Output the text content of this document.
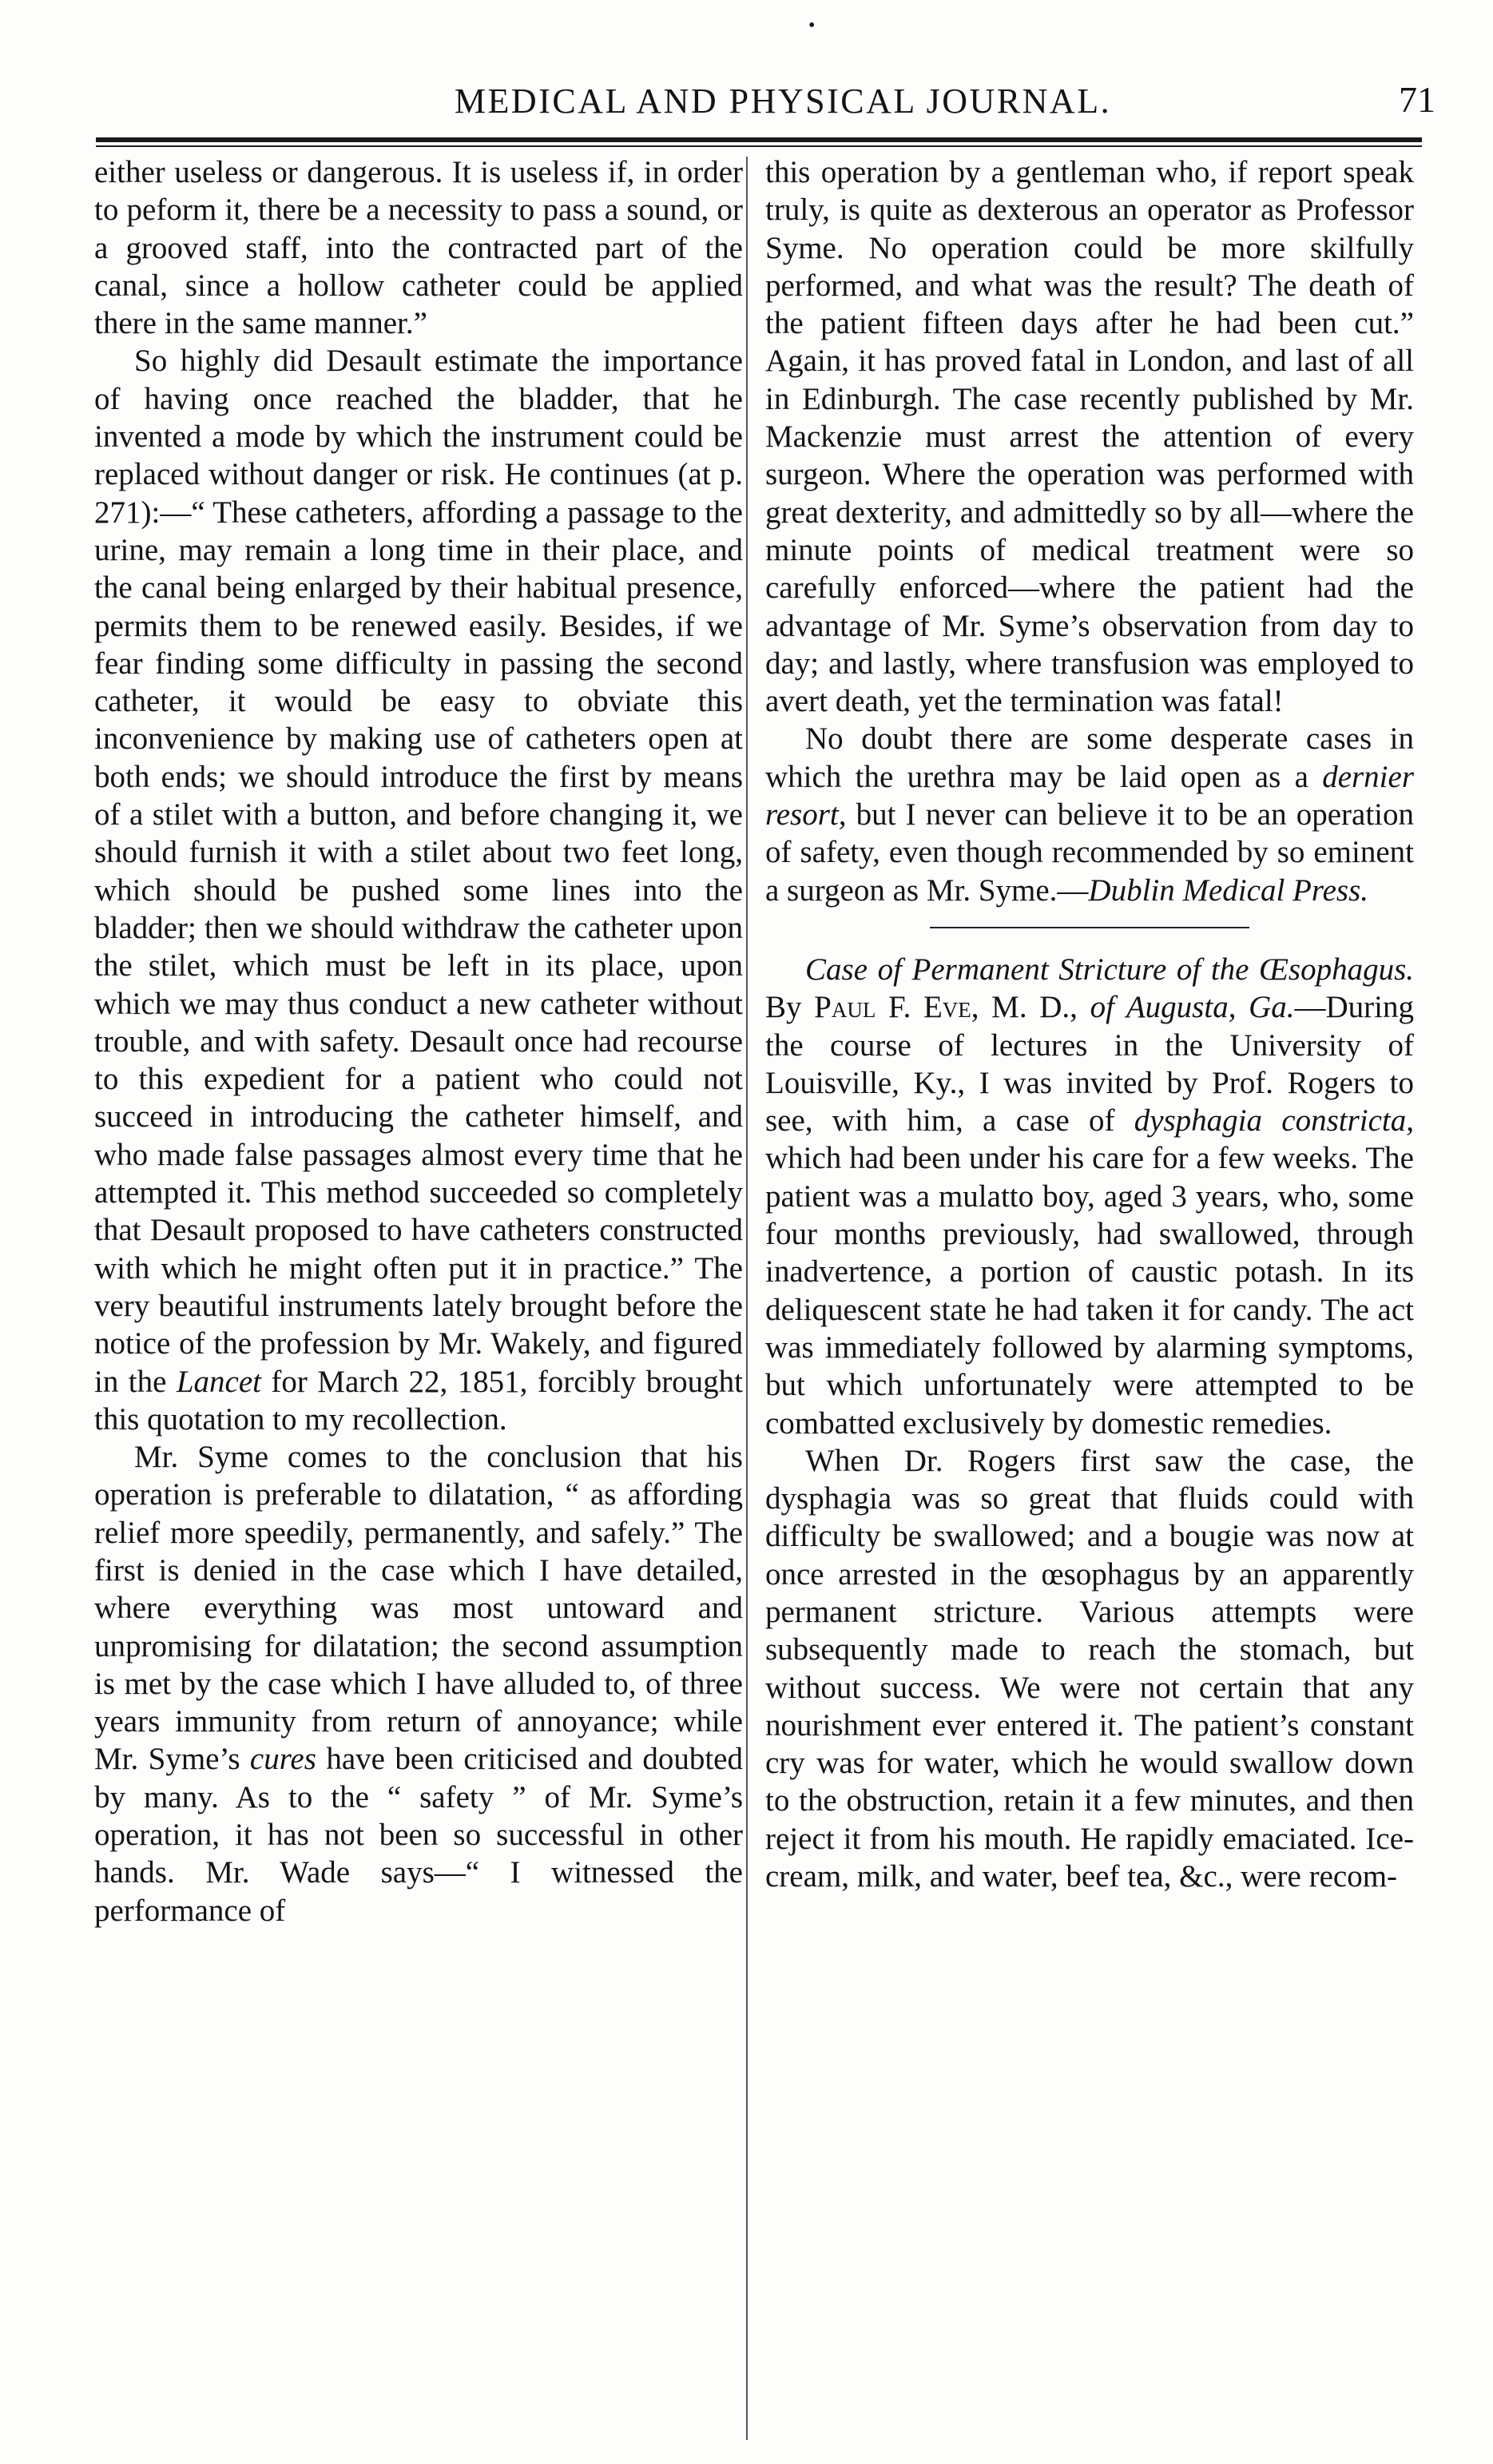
•
MEDICAL AND PHYSICAL JOURNAL.	71

either useless or dangerous. It is useless if, in order to peform it, there be a necessity to pass a sound, or a grooved staff, into the contracted part of the canal, since a hollow catheter could be applied there in the same manner.”

So highly did Desault estimate the importance of having once reached the bladder, that he invented a mode by which the instrument could be replaced without danger or risk. He continues (at p. 271):—“ These catheters, affording a passage to the urine, may remain a long time in their place, and the canal being enlarged by their habitual presence, permits them to be renewed easily. Besides, if we fear finding some difficulty in passing the second catheter, it would be easy to obviate this inconvenience by making use of catheters open at both ends; we should introduce the first by means of a stilet with a button, and before changing it, we should furnish it with a stilet about two feet long, which should be pushed some lines into the bladder; then we should withdraw the catheter upon the stilet, which must be left in its place, upon which we may thus conduct a new catheter without trouble, and with safety. Desault once had recourse to this expedient for a patient who could not succeed in introducing the catheter himself, and who made false passages almost every time that he attempted it. This method succeeded so completely that Desault proposed to have catheters constructed with which he might often put it in practice.” The very beautiful instruments lately brought before the notice of the profession by Mr. Wakely, and figured in the Lancet for March 22, 1851, forcibly brought this quotation to my recollection.

Mr. Syme comes to the conclusion that his operation is preferable to dilatation, “ as affording relief more speedily, permanently, and safely.” The first is denied in the case which I have detailed, where everything was most untoward and unpromising for dilatation; the second assumption is met by the case which I have alluded to, of three years immunity from return of annoyance; while Mr. Syme’s cures have been criticised and doubted by many. As to the “ safety ” of Mr. Syme’s operation, it has not been so successful in other hands. Mr. Wade says—“ I witnessed the performance of

this operation by a gentleman who, if report speak truly, is quite as dexterous an operator as Professor Syme. No operation could be more skilfully performed, and what was the result? The death of the patient fifteen days after he had been cut.” Again, it has proved fatal in London, and last of all in Edinburgh. The case recently published by Mr. Mackenzie must arrest the attention of every surgeon. Where the operation was performed with great dexterity, and admittedly so by all—where the minute points of medical treatment were so carefully enforced—where the patient had the advantage of Mr. Syme’s observation from day to day; and lastly, where transfusion was employed to avert death, yet the termination was fatal!

No doubt there are some desperate cases in which the urethra may be laid open as a dernier resort, but I never can believe it to be an operation of safety, even though recommended by so eminent a surgeon as Mr. Syme.—Dublin Medical Press.

Case of Permanent Stricture of the Œsophagus. By Paul F. Eve, M. D., of Augusta, Ga.—During the course of lectures in the University of Louisville, Ky., I was invited by Prof. Rogers to see, with him, a case of dysphagia constricta, which had been under his care for a few weeks. The patient was a mulatto boy, aged 3 years, who, some four months previously, had swallowed, through inadvertence, a portion of caustic potash. In its deliquescent state he had taken it for candy. The act was immediately followed by alarming symptoms, but which unfortunately were attempted to be combatted exclusively by domestic remedies.

When Dr. Rogers first saw the case, the dysphagia was so great that fluids could with difficulty be swallowed; and a bougie was now at once arrested in the œsophagus by an apparently permanent stricture. Various attempts were subsequently made to reach the stomach, but without success. We were not certain that any nourishment ever entered it. The patient’s constant cry was for water, which he would swallow down to the obstruction, retain it a few minutes, and then reject it from his mouth. He rapidly emaciated. Ice-cream, milk, and water, beef tea, &c., were recom-
